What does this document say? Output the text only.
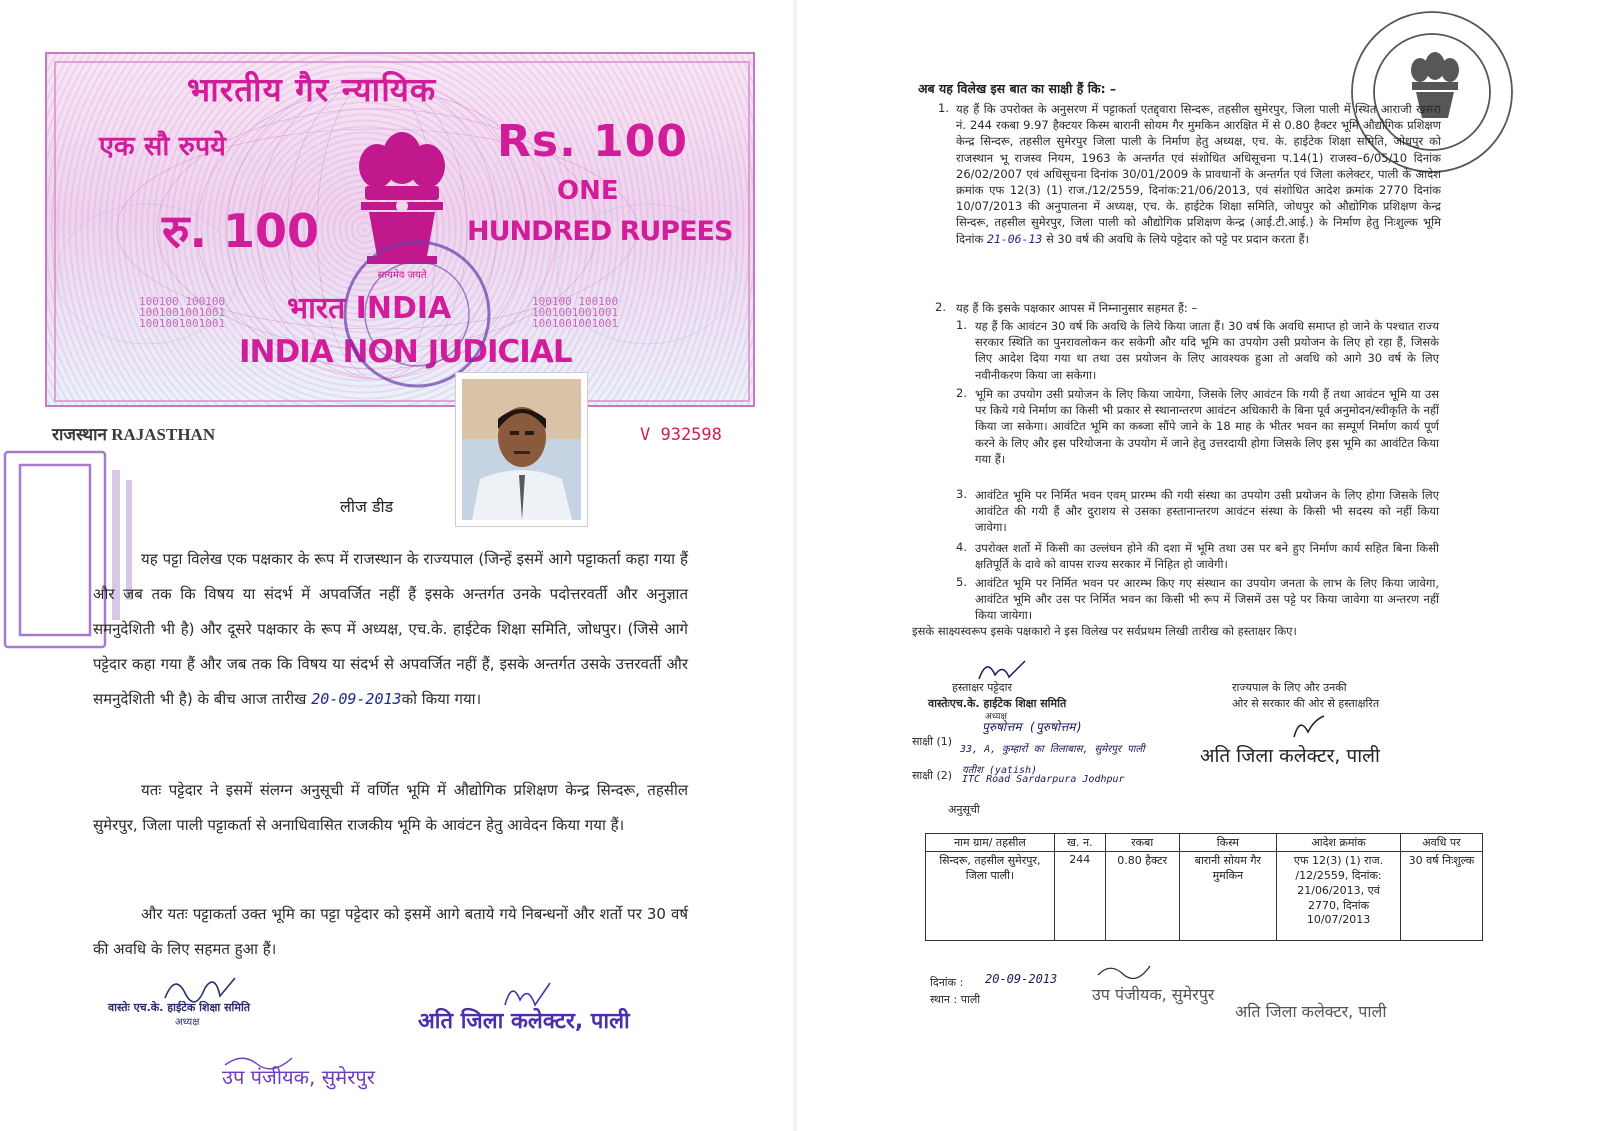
भारतीय गैर न्यायिक
एक सौ रुपये	Rs. 100
ONE
HUNDRED RUPEES
रु. 100
सत्यमेव जयते
100100 100100
1001001001001
1001001001001
100100 100100
1001001001001
1001001001001
भारत INDIA
INDIA NON JUDICIAL
राजस्थान RAJASTHAN	V 932598
लीज डीड
यह पट्टा विलेख एक पक्षकार के रूप में राजस्थान के राज्यपाल (जिन्हें इसमें आगे पट्टाकर्ता कहा गया हैं और जब तक कि विषय या संदर्भ में अपवर्जित नहीं हैं इसके अन्तर्गत उनके पदोत्तरवर्ती और अनुज्ञात समनुदेशिती भी है) और दूसरे पक्षकार के रूप में अध्यक्ष, एच.के. हाईटेक शिक्षा समिति, जोधपुर। (जिसे आगे पट्टेदार कहा गया हैं और जब तक कि विषय या संदर्भ से अपवर्जित नहीं हैं, इसके अन्तर्गत उसके उत्तरवर्ती और समनुदेशिती भी है) के बीच आज तारीख 20-09-2013को किया गया।
यतः पट्टेदार ने इसमें संलग्न अनुसूची में वर्णित भूमि में औद्योगिक प्रशिक्षण केन्द्र सिन्दरू, तहसील सुमेरपुर, जिला पाली पट्टाकर्ता से अनाधिवासित राजकीय भूमि के आवंटन हेतु आवेदन किया गया हैं।
और यतः पट्टाकर्ता उक्त भूमि का पट्टा पट्टेदार को इसमें आगे बताये गये निबन्धनों और शर्तो पर 30 वर्ष की अवधि के लिए सहमत हुआ हैं।
वास्तेः एच.के. हाईटेक शिक्षा समिति
अध्यक्ष	अति जिला कलेक्टर, पाली
उप पंजीयक, सुमेरपुर
अब यह विलेख इस बात का साक्षी हैं कि: –
1. यह हैं कि उपरोक्त के अनुसरण में पट्टाकर्ता एतद्द्वारा सिन्दरू, तहसील सुमेरपुर, जिला पाली में स्थित आराजी खसरा नं. 244 रकबा 9.97 हैक्टयर किस्म बारानी सोयम गैर मुमकिन आरक्षित में से 0.80 हैक्टर भूमि औद्योगिक प्रशिक्षण केन्द्र सिन्दरू, तहसील सुमेरपुर जिला पाली के निर्माण हेतु अध्यक्ष, एच. के. हाईटेक शिक्षा समिति, जोधपुर को राजस्थान भू राजस्व नियम, 1963 के अन्तर्गत एवं संशोधित अधिसूचना प.14(1) राजस्व–6/05/10 दिनांक 26/02/2007 एवं अधिसूचना दिनांक 30/01/2009 के प्रावधानों के अन्तर्गत एवं जिला कलेक्टर, पाली के आदेश क्रमांक एफ 12(3) (1) राज./12/2559, दिनांक:21/06/2013, एवं संशोधित आदेश क्रमांक 2770 दिनांक 10/07/2013 की अनुपालना में अध्यक्ष, एच. के. हाईटेक शिक्षा समिति, जोधपुर को औद्योगिक प्रशिक्षण केन्द्र सिन्दरू, तहसील सुमेरपुर, जिला पाली को औद्योगिक प्रशिक्षण केन्द्र (आई.टी.आई.) के निर्माण हेतु निःशुल्क भूमि दिनांक 21-06-13 से 30 वर्ष की अवधि के लिये पट्टेदार को पट्टे पर प्रदान करता हैं।
2. यह हैं कि इसके पक्षकार आपस में निम्नानुसार सहमत हैं: –
1. यह हैं कि आवंटन 30 वर्ष कि अवधि के लिये किया जाता हैं। 30 वर्ष कि अवधि समाप्त हो जाने के पश्चात राज्य सरकार स्थिति का पुनरावलोकन कर सकेगी और यदि भूमि का उपयोग उसी प्रयोजन के लिए हो रहा हैं, जिसके लिए आदेश दिया गया था तथा उस प्रयोजन के लिए आवश्यक हुआ तो अवधि को आगे 30 वर्ष के लिए नवीनीकरण किया जा सकेगा।
2. भूमि का उपयोग उसी प्रयोजन के लिए किया जायेगा, जिसके लिए आवंटन कि गयी हैं तथा आवंटन भूमि या उस पर किये गये निर्माण का किसी भी प्रकार से स्थानान्तरण आवंटन अधिकारी के बिना पूर्व अनुमोदन/स्वीकृति के नहीं किया जा सकेगा। आवंटित भूमि का कब्जा सौंपे जाने के 18 माह के भीतर भवन का सम्पूर्ण निर्माण कार्य पूर्ण करने के लिए और इस परियोजना के उपयोग में जाने हेतु उत्तरदायी होगा जिसके लिए इस भूमि का आवंटित किया गया हैं।
3. आवंटित भूमि पर निर्मित भवन एवम् प्रारम्भ की गयी संस्था का उपयोग उसी प्रयोजन के लिए होगा जिसके लिए आवंटित की गयी हैं और दुराशय से उसका हस्तानान्तरण आवंटन संस्था के किसी भी सदस्य को नहीं किया जावेगा।
4. उपरोक्त शर्तो में किसी का उल्लंघन होने की दशा में भूमि तथा उस पर बने हुए निर्माण कार्य सहित बिना किसी क्षतिपूर्ति के दावे को वापस राज्य सरकार में निहित हो जावेगी।
5. आवंटित भूमि पर निर्मित भवन पर आरम्भ किए गए संस्थान का उपयोग जनता के लाभ के लिए किया जावेगा, आवंटित भूमि और उस पर निर्मित भवन का किसी भी रूप में जिसमें उस पट्टे पर किया जावेगा या अन्तरण नहीं किया जायेगा।
इसके साक्ष्यस्वरूप इसके पक्षकारो ने इस विलेख पर सर्वप्रथम लिखी तारीख को हस्ताक्षर किए।
हस्ताक्षर पट्टेदार
वास्तेःएच.के. हाईटेक शिक्षा समिति
अध्यक्ष
राज्यपाल के लिए और उनकी
ओर से सरकार की ओर से हस्ताक्षरित
साक्षी (1)
पुरुषोत्तम (पुरुषोत्तम)
33, A, कुम्हारों का तिलाबास, सुमेरपुर पाली
साक्षी (2) यतीश (yatish)
ITC Road Sardarpura Jodhpur
अति जिला कलेक्टर, पाली
अनुसूची
नाम ग्राम/ तहसील	ख. न.	रकबा	किस्म	आदेश क्रमांक	अवधि पर
सिन्दरू, तहसील सुमेरपुर, जिला पाली।	244	0.80 हैक्टर	बारानी सोयम गैर मुमकिन	एफ 12(3) (1) राज. /12/2559, दिनांक: 21/06/2013, एवं 2770, दिनांक 10/07/2013	30 वर्ष निःशुल्क
दिनांक : 20-09-2013
स्थान : पाली	उप पंजीयक, सुमेरपुर
अति जिला कलेक्टर, पाली
